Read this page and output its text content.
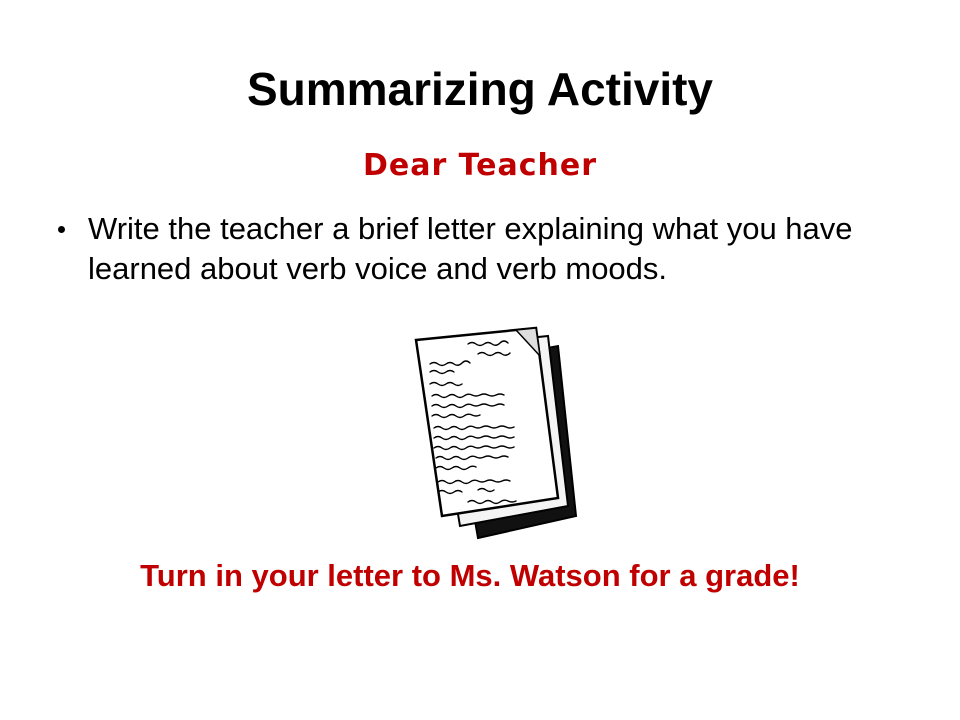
Summarizing Activity
Dear Teacher
Write the teacher a brief letter explaining what you have learned about verb voice and verb moods.
Turn in your letter to Ms. Watson for a grade!
